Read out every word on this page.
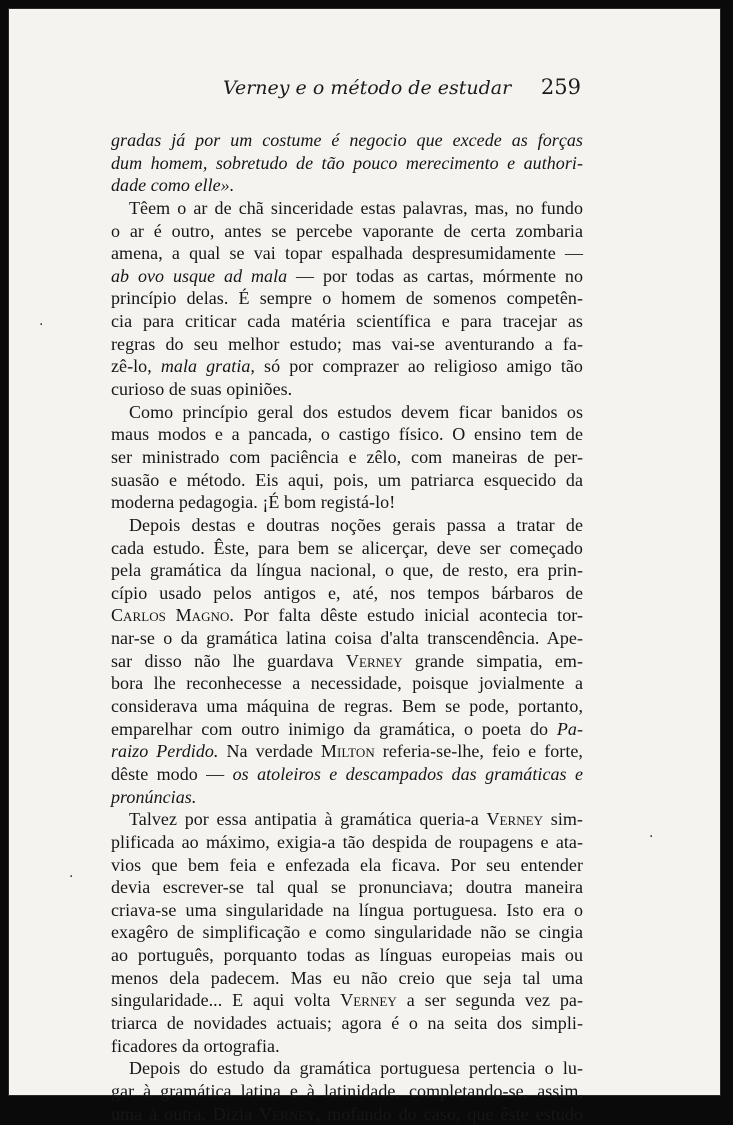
Verney e o método de estudar 259
gradas já por um costume é negocio que excede as forças
dum homem, sobretudo de tão pouco merecimento e authori-
dade como elle».
Têem o ar de chã sinceridade estas palavras, mas, no fundo
o ar é outro, antes se percebe vaporante de certa zombaria
amena, a qual se vai topar espalhada despresumidamente —
ab ovo usque ad mala — por todas as cartas, mórmente no
princípio delas. É sempre o homem de somenos competên-
cia para criticar cada matéria scientífica e para tracejar as
regras do seu melhor estudo; mas vai-se aventurando a fa-
zê-lo, mala gratia, só por comprazer ao religioso amigo tão
curioso de suas opiniões.
Como princípio geral dos estudos devem ficar banidos os
maus modos e a pancada, o castigo físico. O ensino tem de
ser ministrado com paciência e zêlo, com maneiras de per-
suasão e método. Eis aqui, pois, um patriarca esquecido da
moderna pedagogia. ¡É bom registá-lo!
Depois destas e doutras noções gerais passa a tratar de
cada estudo. Êste, para bem se alicerçar, deve ser começado
pela gramática da língua nacional, o que, de resto, era prin-
cípio usado pelos antigos e, até, nos tempos bárbaros de
Carlos Magno. Por falta dêste estudo inicial acontecia tor-
nar-se o da gramática latina coisa d'alta transcendência. Ape-
sar disso não lhe guardava Verney grande simpatia, em-
bora lhe reconhecesse a necessidade, poisque jovialmente a
considerava uma máquina de regras. Bem se pode, portanto,
emparelhar com outro inimigo da gramática, o poeta do Pa-
raizo Perdido. Na verdade Milton referia-se-lhe, feio e forte,
dêste modo — os atoleiros e descampados das gramáticas e
pronúncias.
Talvez por essa antipatia à gramática queria-a Verney sim-
plificada ao máximo, exigia-a tão despida de roupagens e ata-
vios que bem feia e enfezada ela ficava. Por seu entender
devia escrever-se tal qual se pronunciava; doutra maneira
criava-se uma singularidade na língua portuguesa. Isto era o
exagêro de simplificação e como singularidade não se cingia
ao português, porquanto todas as línguas europeias mais ou
menos dela padecem. Mas eu não creio que seja tal uma
singularidade... E aqui volta Verney a ser segunda vez pa-
triarca de novidades actuais; agora é o na seita dos simpli-
ficadores da ortografia.
Depois do estudo da gramática portuguesa pertencia o lu-
gar à gramática latina e à latinidade, completando-se, assim,
uma à outra. Dizia Verney, mofando do caso, que êste estudo
·
·
·
